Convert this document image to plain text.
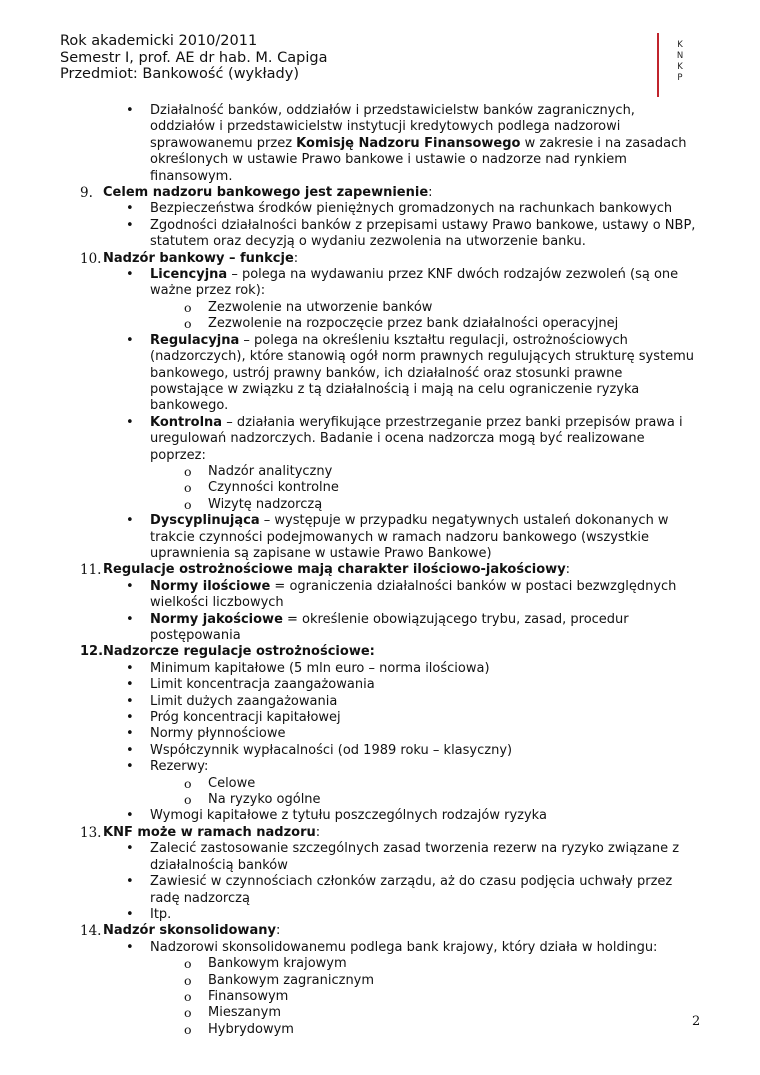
Rok akademicki 2010/2011
Semestr I, prof. AE dr hab. M. Capiga
Przedmiot: Bankowość (wykłady)
K
N
K
P
• Działalność banków, oddziałów i przedstawicielstw banków zagranicznych, oddziałów i przedstawicielstw instytucji kredytowych podlega nadzorowi sprawowanemu przez Komisję Nadzoru Finansowego w zakresie i na zasadach określonych w ustawie Prawo bankowe i ustawie o nadzorze nad rynkiem finansowym.
9. Celem nadzoru bankowego jest zapewnienie:
• Bezpieczeństwa środków pieniężnych gromadzonych na rachunkach bankowych
• Zgodności działalności banków z przepisami ustawy Prawo bankowe, ustawy o NBP, statutem oraz decyzją o wydaniu zezwolenia na utworzenie banku.
10. Nadzór bankowy – funkcje:
• Licencyjna – polega na wydawaniu przez KNF dwóch rodzajów zezwoleń (są one ważne przez rok):
o Zezwolenie na utworzenie banków
o Zezwolenie na rozpoczęcie przez bank działalności operacyjnej
• Regulacyjna – polega na określeniu kształtu regulacji, ostrożnościowych (nadzorczych), które stanowią ogół norm prawnych regulujących strukturę systemu bankowego, ustrój prawny banków, ich działalność oraz stosunki prawne powstające w związku z tą działalnością i mają na celu ograniczenie ryzyka bankowego.
• Kontrolna – działania weryfikujące przestrzeganie przez banki przepisów prawa i uregulowań nadzorczych. Badanie i ocena nadzorcza mogą być realizowane poprzez:
o Nadzór analityczny
o Czynności kontrolne
o Wizytę nadzorczą
• Dyscyplinująca – występuje w przypadku negatywnych ustaleń dokonanych w trakcie czynności podejmowanych w ramach nadzoru bankowego (wszystkie uprawnienia są zapisane w ustawie Prawo Bankowe)
11. Regulacje ostrożnościowe mają charakter ilościowo-jakościowy:
• Normy ilościowe = ograniczenia działalności banków w postaci bezwzględnych wielkości liczbowych
• Normy jakościowe = określenie obowiązującego trybu, zasad, procedur postępowania
12. Nadzorcze regulacje ostrożnościowe:
• Minimum kapitałowe (5 mln euro – norma ilościowa)
• Limit koncentracja zaangażowania
• Limit dużych zaangażowania
• Próg koncentracji kapitałowej
• Normy płynnościowe
• Współczynnik wypłacalności (od 1989 roku – klasyczny)
• Rezerwy:
o Celowe
o Na ryzyko ogólne
• Wymogi kapitałowe z tytułu poszczególnych rodzajów ryzyka
13. KNF może w ramach nadzoru:
• Zalecić zastosowanie szczególnych zasad tworzenia rezerw na ryzyko związane z działalnością banków
• Zawiesić w czynnościach członków zarządu, aż do czasu podjęcia uchwały przez radę nadzorczą
• Itp.
14. Nadzór skonsolidowany:
• Nadzorowi skonsolidowanemu podlega bank krajowy, który działa w holdingu:
o Bankowym krajowym
o Bankowym zagranicznym
o Finansowym
o Mieszanym
o Hybrydowym
2
